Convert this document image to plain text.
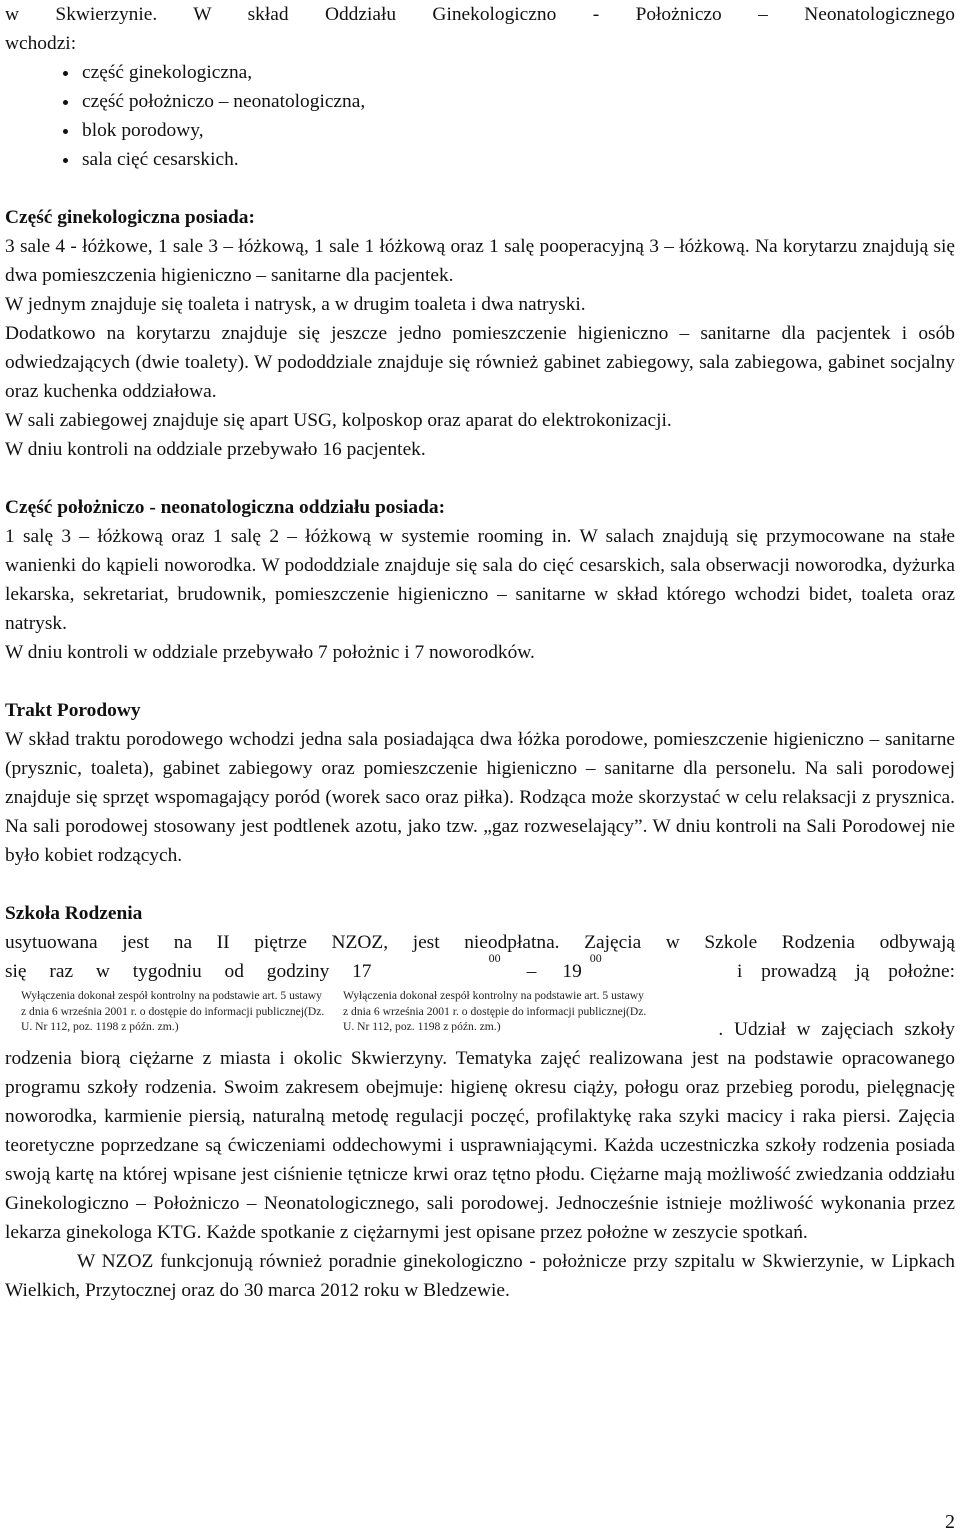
w Skwierzynie. W skład Oddziału Ginekologiczno - Położniczo – Neonatologicznego

wchodzi:

• część ginekologiczna,
• część położniczo – neonatologiczna,
• blok porodowy,
• sala cięć cesarskich.

Część ginekologiczna posiada:

3 sale 4 - łóżkowe, 1 sale 3 – łóżkową, 1 sale 1 łóżkową oraz 1 salę pooperacyjną 3 – łóżkową. Na korytarzu znajdują się dwa pomieszczenia higieniczno – sanitarne dla pacjentek.

W jednym znajduje się toaleta i natrysk, a w drugim toaleta i dwa natryski.

Dodatkowo na korytarzu znajduje się jeszcze jedno pomieszczenie higieniczno – sanitarne dla pacjentek i osób odwiedzających (dwie toalety). W pododdziale znajduje się również gabinet zabiegowy, sala zabiegowa, gabinet socjalny oraz kuchenka oddziałowa.

W sali zabiegowej znajduje się apart USG, kolposkop oraz aparat do elektrokonizacji.

W dniu kontroli na oddziale przebywało 16 pacjentek.

Część położniczo - neonatologiczna oddziału posiada:

1 salę 3 – łóżkową oraz 1 salę 2 – łóżkową w systemie rooming in. W salach znajdują się przymocowane na stałe wanienki do kąpieli noworodka. W pododdziale znajduje się sala do cięć cesarskich, sala obserwacji noworodka, dyżurka lekarska, sekretariat, brudownik, pomieszczenie higieniczno – sanitarne w skład którego wchodzi bidet, toaleta oraz natrysk.

W dniu kontroli w oddziale przebywało 7 położnic i 7 noworodków.

Trakt Porodowy

W skład traktu porodowego wchodzi jedna sala posiadająca dwa łóżka porodowe, pomieszczenie higieniczno – sanitarne (prysznic, toaleta), gabinet zabiegowy oraz pomieszczenie higieniczno – sanitarne dla personelu. Na sali porodowej znajduje się sprzęt wspomagający poród (worek saco oraz piłka). Rodząca może skorzystać w celu relaksacji z prysznica. Na sali porodowej stosowany jest podtlenek azotu, jako tzw. „gaz rozweselający”. W dniu kontroli na Sali Porodowej nie było kobiet rodzących.

Szkoła Rodzenia

usytuowana jest na II piętrze NZOZ, jest nieodpłatna. Zajęcia w Szkole Rodzenia odbywają

się raz w tygodniu od godziny 17
00
– 19
00
i prowadzą ją położne:

Wyłączenia dokonał zespół kontrolny na podstawie art. 5 ustawy z dnia 6 września 2001 r. o dostępie do informacji publicznej(Dz. U. Nr 112, poz. 1198 z późn. zm.)
Wyłączenia dokonał zespół kontrolny na podstawie art. 5 ustawy z dnia 6 września 2001 r. o dostępie do informacji publicznej(Dz. U. Nr 112, poz. 1198 z późn. zm.)	. Udział w zajęciach szkoły

rodzenia biorą ciężarne z miasta i okolic Skwierzyny. Tematyka zajęć realizowana jest na podstawie opracowanego programu szkoły rodzenia. Swoim zakresem obejmuje: higienę okresu ciąży, połogu oraz przebieg porodu, pielęgnację noworodka, karmienie piersią, naturalną metodę regulacji poczęć, profilaktykę raka szyki macicy i raka piersi. Zajęcia teoretyczne poprzedzane są ćwiczeniami oddechowymi i usprawniającymi. Każda uczestniczka szkoły rodzenia posiada swoją kartę na której wpisane jest ciśnienie tętnicze krwi oraz tętno płodu. Ciężarne mają możliwość zwiedzania oddziału Ginekologiczno – Położniczo – Neonatologicznego, sali porodowej. Jednocześnie istnieje możliwość wykonania przez lekarza ginekologa KTG. Każde spotkanie z ciężarnymi jest opisane przez położne w zeszycie spotkań.

W NZOZ funkcjonują również poradnie ginekologiczno - położnicze przy szpitalu w Skwierzynie, w Lipkach Wielkich, Przytocznej oraz do 30 marca 2012 roku w Bledzewie.

2
